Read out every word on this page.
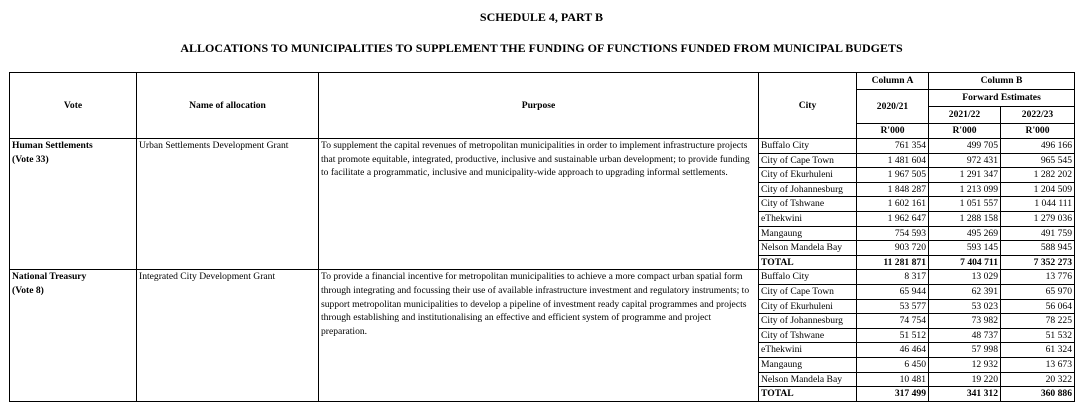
SCHEDULE 4, PART B
ALLOCATIONS TO MUNICIPALITIES TO SUPPLEMENT THE FUNDING OF FUNCTIONS FUNDED FROM MUNICIPAL BUDGETS
Vote	Name of allocation	Purpose	City	Column A	Column B	
				2020/21	Forward Estimates	
					2021/22	2022/23
				R'000	R'000	R'000

Human Settlements
(Vote 33)	Urban Settlements Development Grant	To supplement the capital revenues of metropolitan municipalities in order to implement infrastructure projects that promote equitable, integrated, productive, inclusive and sustainable urban development; to provide funding to facilitate a programmatic, inclusive and municipality-wide approach to upgrading informal settlements.	Buffalo City	761 354	499 705	496 166
			City of Cape Town	1 481 604	972 431	965 545
			City of Ekurhuleni	1 967 505	1 291 347	1 282 202
			City of Johannesburg	1 848 287	1 213 099	1 204 509
			City of Tshwane	1 602 161	1 051 557	1 044 111
			eThekwini	1 962 647	1 288 158	1 279 036
			Mangaung	754 593	495 269	491 759
			Nelson Mandela Bay	903 720	593 145	588 945
			TOTAL	11 281 871	7 404 711	7 352 273

National Treasury
(Vote 8)	Integrated City Development Grant	To provide a financial incentive for metropolitan municipalities to achieve a more compact urban spatial form through integrating and focussing their use of available infrastructure investment and regulatory instruments; to support metropolitan municipalities to develop a pipeline of investment ready capital programmes and projects through establishing and institutionalising an effective and efficient system of programme and project preparation.	Buffalo City	8 317	13 029	13 776
			City of Cape Town	65 944	62 391	65 970
			City of Ekurhuleni	53 577	53 023	56 064
			City of Johannesburg	74 754	73 982	78 225
			City of Tshwane	51 512	48 737	51 532
			eThekwini	46 464	57 998	61 324
			Mangaung	6 450	12 932	13 673
			Nelson Mandela Bay	10 481	19 220	20 322
			TOTAL	317 499	341 312	360 886
